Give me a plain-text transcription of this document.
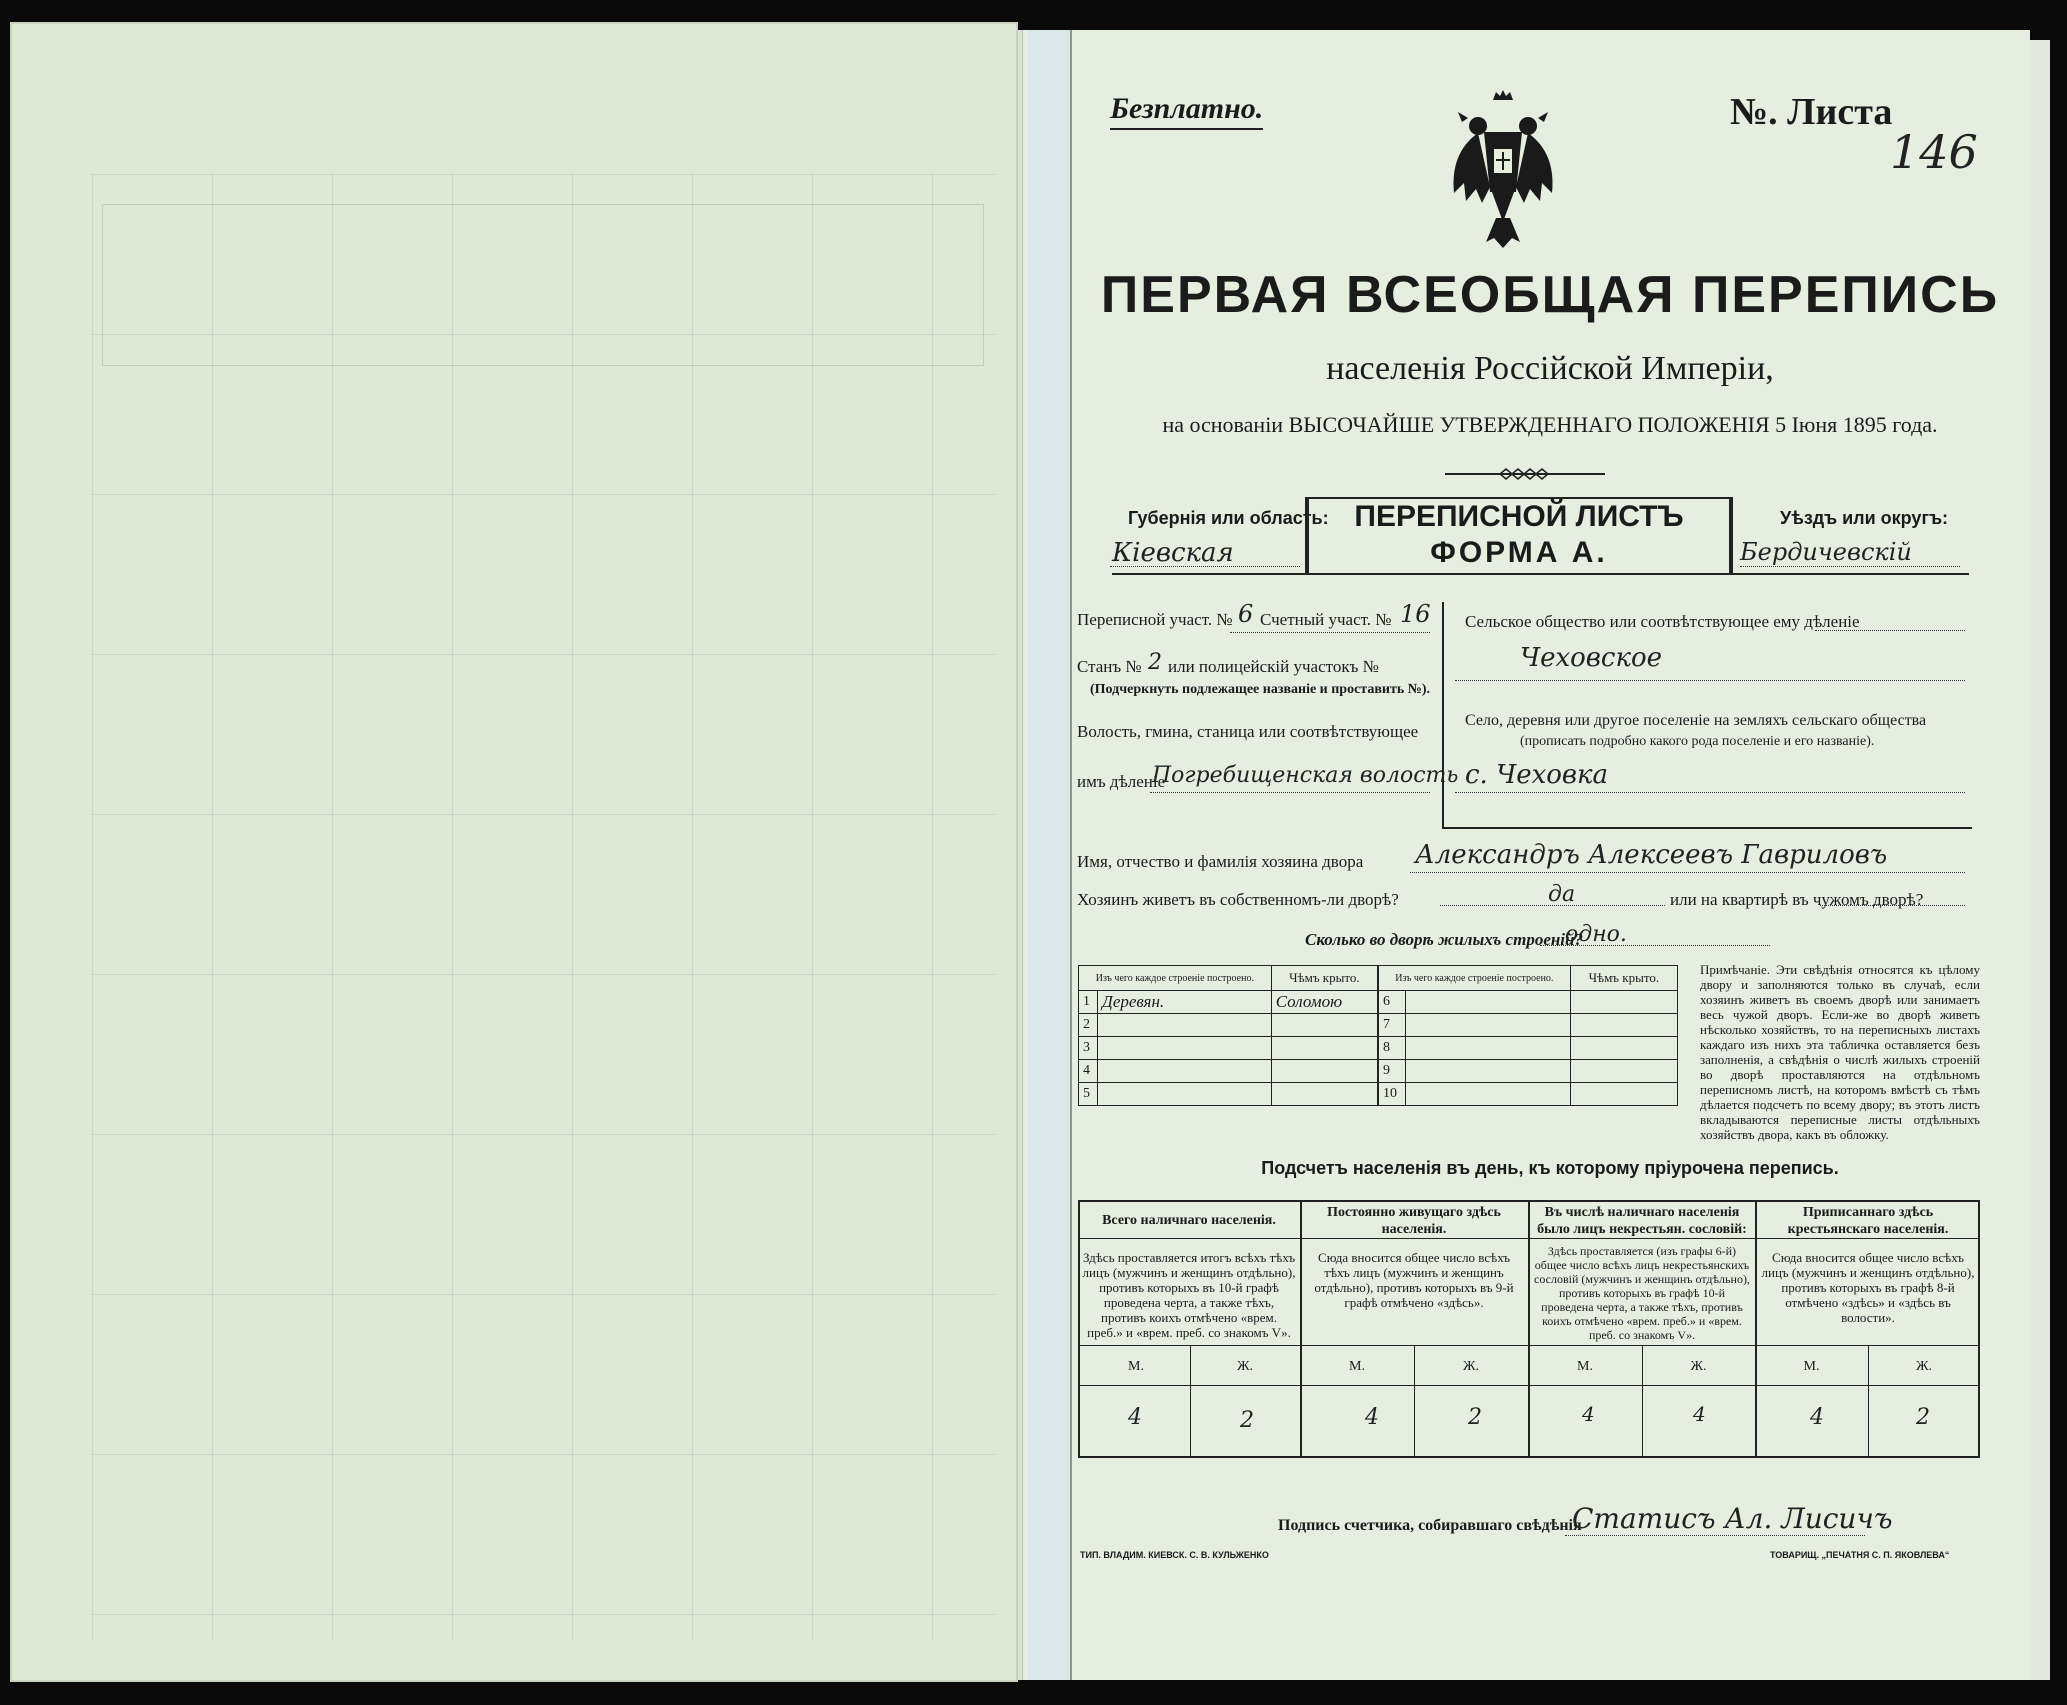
Безплатно.	№. Листа
146
ПЕРВАЯ ВСЕОБЩАЯ ПЕРЕПИСЬ
населенія Россійской Имперіи,
на основаніи ВЫСОЧАЙШЕ УТВЕРЖДЕННАГО ПОЛОЖЕНІЯ 5 Іюня 1895 года.
Губернія или область:
Кіевская
ПЕРЕПИСНОЙ ЛИСТЪ
ФОРМА А.
Уѣздъ или округъ:
Бердичевскій
Переписной участ. № 6 Счетный участ. № 16
Станъ № 2 или полицейскій участокъ №
(Подчеркнуть подлежащее названіе и проставить №).
Волость, гмина, станица или соотвѣтствующее
имъ дѣленіе
Погребищенская волость
Сельское общество или соотвѣтствующее ему дѣленіе
Чеховское
Село, деревня или другое поселеніе на земляхъ сельскаго общества
(прописать подробно какого рода поселеніе и его названіе).
с. Чеховка
Имя, отчество и фамилія хозяина двора Александръ Алексеевъ Гавриловъ
Хозяинъ живетъ въ собственномъ-ли дворѣ?	да	или на квартирѣ въ чужомъ дворѣ?
Сколько во дворѣ жилыхъ строеній?
одно.
Изъ чего каждое строеніе построено.		Чѣмъ крыто.
1	Деревян.	Соломою
2		
3		
4		
5		
Изъ чего каждое строеніе построено.		Чѣмъ крыто.
6		
7		
8		
9		
10		
Примѣчаніе. Эти свѣдѣнія относятся къ цѣлому двору и заполняются только въ случаѣ, если хозяинъ живетъ въ своемъ дворѣ или занимаетъ весь чужой дворъ. Если-же во дворѣ живетъ нѣсколько хозяйствъ, то на переписныхъ листахъ каждаго изъ нихъ эта табличка оставляется безъ заполненія, а свѣдѣнія о числѣ жилыхъ строеній во дворѣ проставляются на отдѣльномъ переписномъ листѣ, на которомъ вмѣстѣ съ тѣмъ дѣлается подсчетъ по всему двору; въ этотъ листъ вкладываются переписные листы отдѣльныхъ хозяйствъ двора, какъ въ обложку.
Подсчетъ населенія въ день, къ которому пріурочена перепись.
Всего наличнаго населенія.
Здѣсь проставляется итогъ всѣхъ тѣхъ лицъ (мужчинъ и женщинъ отдѣльно), противъ которыхъ въ 10-й графѣ проведена черта, а также тѣхъ, противъ коихъ отмѣчено «врем. преб.» и «врем. преб. со знакомъ V».
М.	Ж.
4	2
Постоянно живущаго здѣсь населенія.
Сюда вносится общее число всѣхъ тѣхъ лицъ (мужчинъ и женщинъ отдѣльно), противъ которыхъ въ 9-й графѣ отмѣчено «здѣсь».
М.	Ж.
4	2
Въ числѣ наличнаго населенія было лицъ некрестьян. сословій:
Здѣсь проставляется (изъ графы 6-й) общее число всѣхъ лицъ некрестьянскихъ сословій (мужчинъ и женщинъ отдѣльно), противъ которыхъ въ графѣ 10-й проведена черта, а также тѣхъ, противъ коихъ отмѣчено «врем. преб.» и «врем. преб. со знакомъ V».
М.	Ж.
4	4
Приписаннаго здѣсь крестьянскаго населенія.
Сюда вносится общее число всѣхъ лицъ (мужчинъ и женщинъ отдѣльно), противъ которыхъ въ графѣ 8-й отмѣчено «здѣсь» и «здѣсь въ волости».
М.	Ж.
4	2
Подпись счетчика, собиравшаго свѣдѣнія
Статисъ Ал. Лисичъ
ТИП. ВЛАДИМ. КИЕВСК. С. В. КУЛЬЖЕНКО	ТОВАРИЩ. „ПЕЧАТНЯ С. П. ЯКОВЛЕВА“
